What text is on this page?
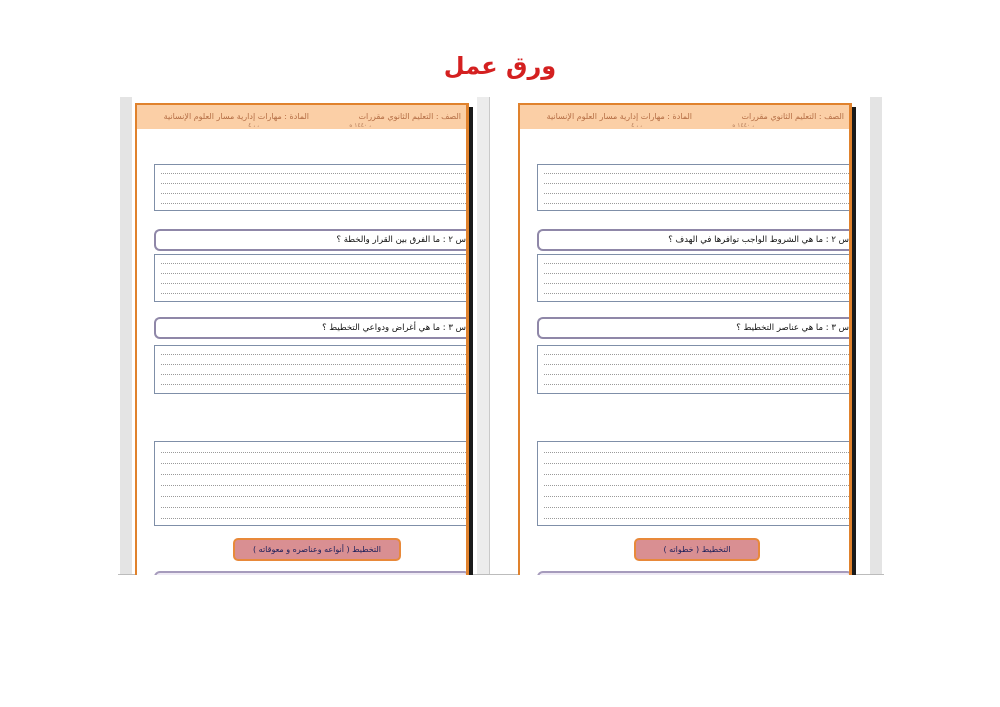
ورق عمل
الصف : التعليم الثانوي مقررات
المادة : مهارات إدارية مسار العلوم الإنسانية
، ١٤٤٠ ه
، ، ٤
س ٢ : ما الفرق بين القرار والخطة ؟
س ٣ : ما هي أغراض ودواعي التخطيط ؟
التخطيط ( أنواعه وعناصره و معوقاته )
الصف : التعليم الثانوي مقررات
المادة : مهارات إدارية مسار العلوم الإنسانية
، ١٤٤٠ ه
، ، ٤
س ٢ : ما هي الشروط الواجب توافرها في الهدف ؟
س ٣ : ما هي عناصر التخطيط ؟
التخطيط ( خطواته )
